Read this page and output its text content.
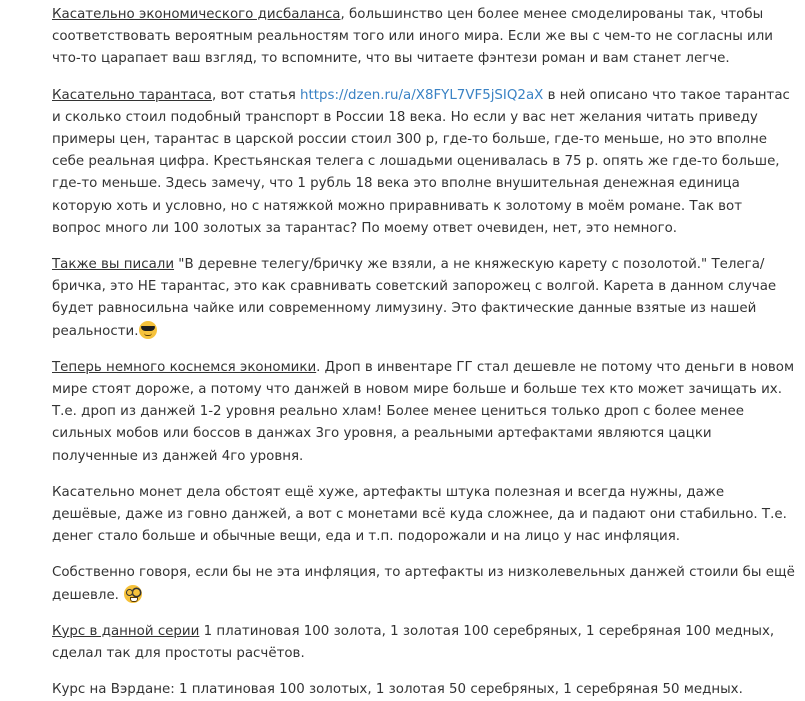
Касательно экономического дисбаланса, большинство цен более менее смоделированы так, чтобы соответствовать вероятным реальностям того или иного мира. Если же вы с чем-то не согласны или что-то царапает ваш взгляд, то вспомните, что вы читаете фэнтези роман и вам станет легче.

Касательно тарантаса, вот статья https://dzen.ru/a/X8FYL7VF5jSIQ2aX в ней описано что такое тарантас и сколько стоил подобный транспорт в России 18 века. Но если у вас нет желания читать приведу примеры цен, тарантас в царской россии стоил 300 р, где-то больше, где-то меньше, но это вполне себе реальная цифра. Крестьянская телега с лошадьми оценивалась в 75 р. опять же где-то больше, где-то меньше. Здесь замечу, что 1 рубль 18 века это вполне внушительная денежная единица которую хоть и условно, но с натяжкой можно приравнивать к золотому в моём романе. Так вот вопрос много ли 100 золотых за тарантас? По моему ответ очевиден, нет, это немного.

Также вы писали "В деревне телегу/бричку же взяли, а не княжескую карету с позолотой." Телега/бричка, это НЕ тарантас, это как сравнивать советский запорожец с волгой. Карета в данном случае будет равносильна чайке или современному лимузину. Это фактические данные взятые из нашей реальности.

Теперь немного коснемся экономики. Дроп в инвентаре ГГ стал дешевле не потому что деньги в новом мире стоят дороже, а потому что данжей в новом мире больше и больше тех кто может зачищать их. Т.е. дроп из данжей 1-2 уровня реально хлам! Более менее цениться только дроп с более менее сильных мобов или боссов в данжах 3го уровня, а реальными артефактами являются цацки полученные из данжей 4го уровня.

Касательно монет дела обстоят ещё хуже, артефакты штука полезная и всегда нужны, даже дешёвые, даже из говно данжей, а вот с монетами всё куда сложнее, да и падают они стабильно. Т.е. денег стало больше и обычные вещи, еда и т.п. подорожали и на лицо у нас инфляция.

Собственно говоря, если бы не эта инфляция, то артефакты из низколевельных данжей стоили бы ещё дешевле.

Курс в данной серии 1 платиновая 100 золота, 1 золотая 100 серебряных, 1 серебряная 100 медных, сделал так для простоты расчётов.

Курс на Вэрдане: 1 платиновая 100 золотых, 1 золотая 50 серебряных, 1 серебряная 50 медных.
